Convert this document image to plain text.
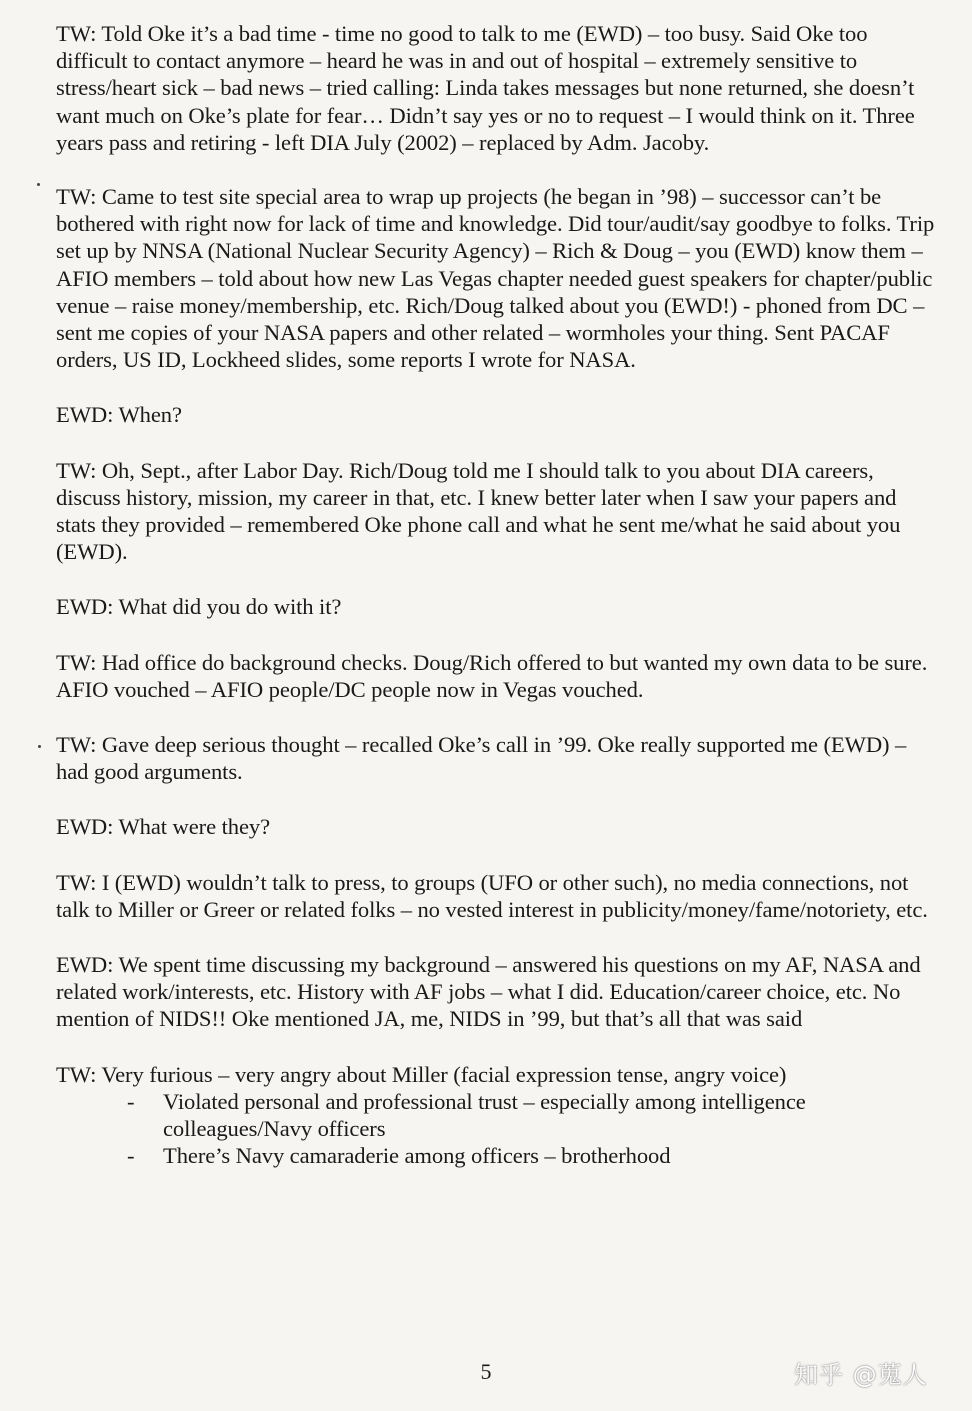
TW: Told Oke it’s a bad time - time no good to talk to me (EWD) – too busy. Said Oke too difficult to contact anymore – heard he was in and out of hospital – extremely sensitive to stress/heart sick – bad news – tried calling: Linda takes messages but none returned, she doesn’t want much on Oke’s plate for fear… Didn’t say yes or no to request – I would think on it. Three years pass and retiring - left DIA July (2002) – replaced by Adm. Jacoby.

TW: Came to test site special area to wrap up projects (he began in ’98) – successor can’t be bothered with right now for lack of time and knowledge. Did tour/audit/say goodbye to folks. Trip set up by NNSA (National Nuclear Security Agency) – Rich & Doug – you (EWD) know them – AFIO members – told about how new Las Vegas chapter needed guest speakers for chapter/public venue – raise money/membership, etc. Rich/Doug talked about you (EWD!) - phoned from DC – sent me copies of your NASA papers and other related – wormholes your thing. Sent PACAF orders, US ID, Lockheed slides, some reports I wrote for NASA.

EWD: When?

TW: Oh, Sept., after Labor Day. Rich/Doug told me I should talk to you about DIA careers, discuss history, mission, my career in that, etc. I knew better later when I saw your papers and stats they provided – remembered Oke phone call and what he sent me/what he said about you (EWD).

EWD: What did you do with it?

TW: Had office do background checks. Doug/Rich offered to but wanted my own data to be sure. AFIO vouched – AFIO people/DC people now in Vegas vouched.

TW: Gave deep serious thought – recalled Oke’s call in ’99. Oke really supported me (EWD) – had good arguments.

EWD: What were they?

TW: I (EWD) wouldn’t talk to press, to groups (UFO or other such), no media connections, not talk to Miller or Greer or related folks – no vested interest in publicity/money/fame/notoriety, etc.

EWD: We spent time discussing my background – answered his questions on my AF, NASA and related work/interests, etc. History with AF jobs – what I did. Education/career choice, etc. No mention of NIDS!! Oke mentioned JA, me, NIDS in ’99, but that’s all that was said

TW: Very furious – very angry about Miller (facial expression tense, angry voice)

- Violated personal and professional trust – especially among intelligence colleagues/Navy officers
- There’s Navy camaraderie among officers – brotherhood
5	知乎 @蒐人
